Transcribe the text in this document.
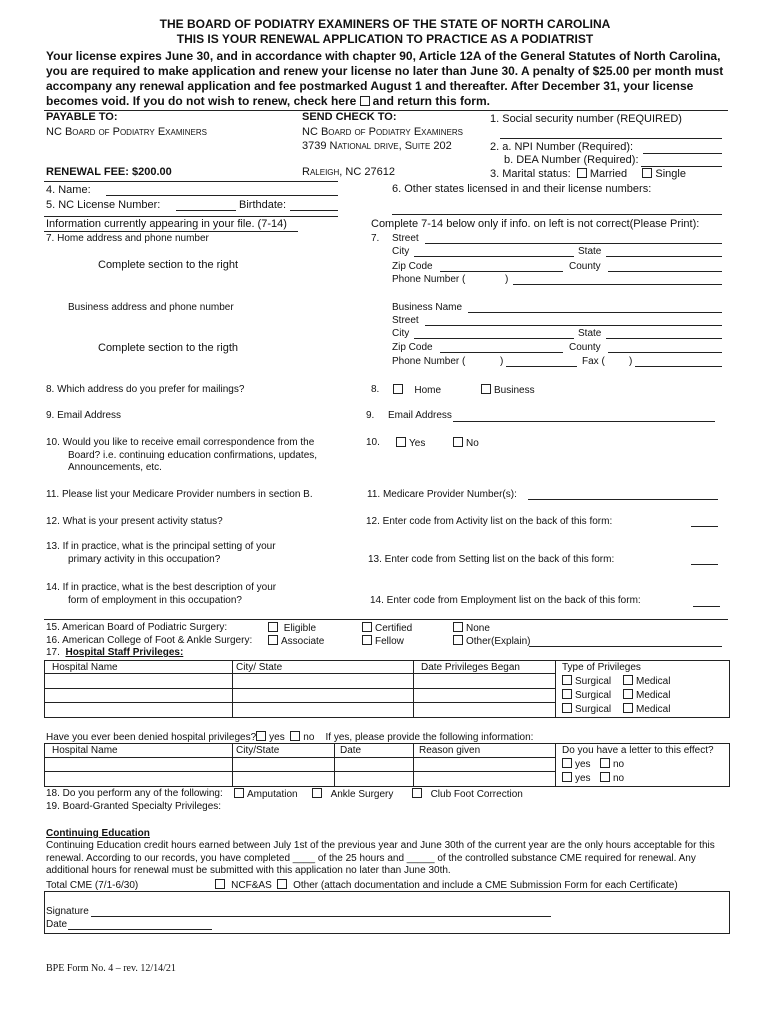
THE BOARD OF PODIATRY EXAMINERS OF THE STATE OF NORTH CAROLINA
THIS IS YOUR RENEWAL APPLICATION TO PRACTICE AS A PODIATRIST
Your license expires June 30, and in accordance with chapter 90, Article 12A of the General Statutes of North Carolina, you are required to make application and renew your license no later than June 30. A penalty of $25.00 per month must accompany any renewal application and fee postmarked August 1 and thereafter. After December 31, your license becomes void. If you do not wish to renew, check here and return this form.
PAYABLE TO:
NC Board of Podiatry Examiners
SEND CHECK TO:
NC Board of Podiatry Examiners
3739 National drive, Suite 202
Raleigh, NC 27612
RENEWAL FEE: $200.00
1. Social security number (REQUIRED)
2. a. NPI Number (Required):
b. DEA Number (Required):
3. Marital status: Married	Single
4. Name:
5. NC License Number:	Birthdate:
6. Other states licensed in and their license numbers:
Information currently appearing in your file. (7-14)	Complete 7-14 below only if info. on left is not correct(Please Print):
7. Home address and phone number
Complete section to the right
Business address and phone number
Complete section to the rigth
8. Which address do you prefer for mailings?
9. Email Address
10. Would you like to receive email correspondence from the
Board? i.e. continuing education confirmations, updates,
Announcements, etc.
11. Please list your Medicare Provider numbers in section B.
12. What is your present activity status?
13. If in practice, what is the principal setting of your
primary activity in this occupation?
14. If in practice, what is the best description of your
form of employment in this occupation?
7. Street
City	State
Zip Code	County
Phone Number (	)
Business Name
Street
City	State
Zip Code	County
Phone Number (	)	Fax ( )
8.	Home	Business
9. Email Address
10.	Yes	No
11. Medicare Provider Number(s):
12. Enter code from Activity list on the back of this form:
13. Enter code from Setting list on the back of this form:
14. Enter code from Employment list on the back of this form:
15. American Board of Podiatric Surgery:	Eligible	Certified	None
16. American College of Foot & Ankle Surgery:	Associate	Fellow	Other(Explain)
17. Hospital Staff Privileges:
Hospital Name	City/ State	Date Privileges Began	Type of Privileges
Surgical	Medical
Surgical	Medical
Surgical	Medical
Have you ever been denied hospital privileges? yes no If yes, please provide the following information:
Hospital Name	City/State	Date	Reason given	Do you have a letter to this effect?
yes	no
yes	no
18. Do you perform any of the following:	Amputation	Ankle Surgery	Club Foot Correction
19. Board-Granted Specialty Privileges:
Continuing Education
Continuing Education credit hours earned between July 1st of the previous year and June 30th of the current year are the only hours acceptable for this renewal. According to our records, you have completed ____ of the 25 hours and _____ of the controlled substance CME required for renewal. Any additional hours for renewal must be submitted with this application no later than June 30th.
Total CME (7/1-6/30)	NCF&AS Other (attach documentation and include a CME Submission Form for each Certificate)
Signature
Date
BPE Form No. 4 – rev. 12/14/21
